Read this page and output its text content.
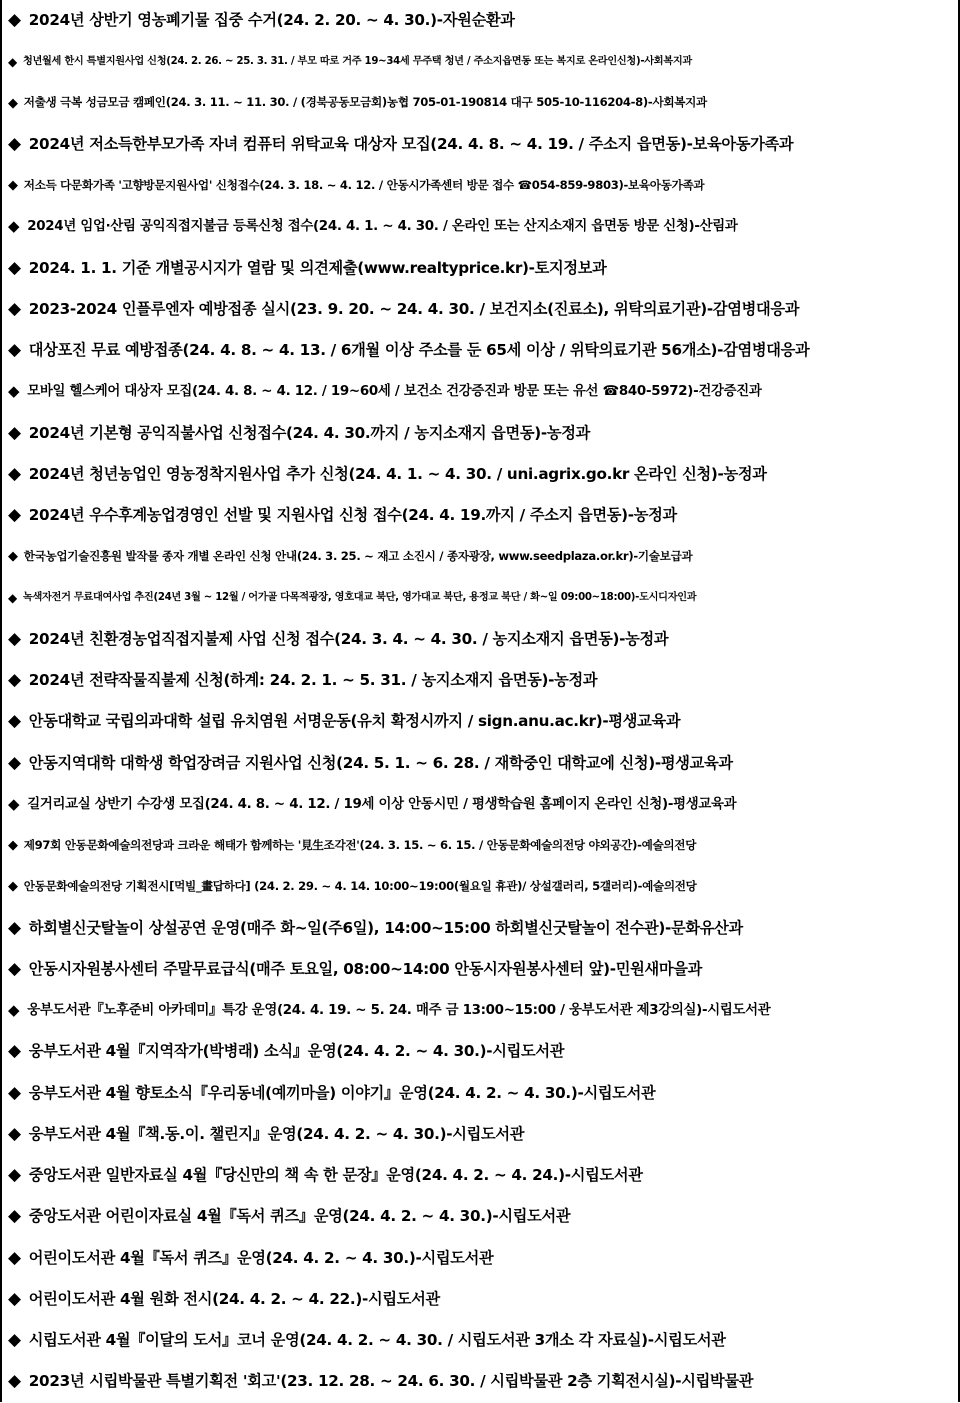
◆ 2024년 상반기 영농폐기물 집중 수거(24. 2. 20. ~ 4. 30.)-자원순환과
◆ 청년월세 한시 특별지원사업 신청(24. 2. 26. ~ 25. 3. 31. / 부모 따로 거주 19~34세 무주택 청년 / 주소지읍면동 또는 복지로 온라인신청)-사회복지과
◆ 저출생 극복 성금모금 캠페인(24. 3. 11. ~ 11. 30. / (경북공동모금회)농협 705-01-190814 대구 505-10-116204-8)-사회복지과
◆ 2024년 저소득한부모가족 자녀 컴퓨터 위탁교육 대상자 모집(24. 4. 8. ~ 4. 19. / 주소지 읍면동)-보육아동가족과
◆ 저소득 다문화가족 '고향방문지원사업' 신청접수(24. 3. 18. ~ 4. 12. / 안동시가족센터 방문 접수 ☎054-859-9803)-보육아동가족과
◆ 2024년 임업·산림 공익직접지불금 등록신청 접수(24. 4. 1. ~ 4. 30. / 온라인 또는 산지소재지 읍면동 방문 신청)-산림과
◆ 2024. 1. 1. 기준 개별공시지가 열람 및 의견제출(www.realtyprice.kr)-토지정보과
◆ 2023-2024 인플루엔자 예방접종 실시(23. 9. 20. ~ 24. 4. 30. / 보건지소(진료소), 위탁의료기관)-감염병대응과
◆ 대상포진 무료 예방접종(24. 4. 8. ~ 4. 13. / 6개월 이상 주소를 둔 65세 이상 / 위탁의료기관 56개소)-감염병대응과
◆ 모바일 헬스케어 대상자 모집(24. 4. 8. ~ 4. 12. / 19~60세 / 보건소 건강증진과 방문 또는 유선 ☎840-5972)-건강증진과
◆ 2024년 기본형 공익직불사업 신청접수(24. 4. 30.까지 / 농지소재지 읍면동)-농정과
◆ 2024년 청년농업인 영농정착지원사업 추가 신청(24. 4. 1. ~ 4. 30. / uni.agrix.go.kr 온라인 신청)-농정과
◆ 2024년 우수후계농업경영인 선발 및 지원사업 신청 접수(24. 4. 19.까지 / 주소지 읍면동)-농정과
◆ 한국농업기술진흥원 발작물 종자 개별 온라인 신청 안내(24. 3. 25. ~ 재고 소진시 / 종자광장, www.seedplaza.or.kr)-기술보급과
◆ 녹색자전거 무료대여사업 추진(24년 3월 ~ 12월 / 어가골 다목적광장, 영호대교 북단, 영가대교 북단, 용정교 북단 / 화~일 09:00~18:00)-도시디자인과
◆ 2024년 친환경농업직접지불제 사업 신청 접수(24. 3. 4. ~ 4. 30. / 농지소재지 읍면동)-농정과
◆ 2024년 전략작물직불제 신청(하계: 24. 2. 1. ~ 5. 31. / 농지소재지 읍면동)-농정과
◆ 안동대학교 국립의과대학 설립 유치염원 서명운동(유치 확정시까지 / sign.anu.ac.kr)-평생교육과
◆ 안동지역대학 대학생 학업장려금 지원사업 신청(24. 5. 1. ~ 6. 28. / 재학중인 대학교에 신청)-평생교육과
◆ 길거리교실 상반기 수강생 모집(24. 4. 8. ~ 4. 12. / 19세 이상 안동시민 / 평생학습원 홈페이지 온라인 신청)-평생교육과
◆ 제97회 안동문화예술의전당과 크라운 해태가 함께하는 '見生조각전'(24. 3. 15. ~ 6. 15. / 안동문화예술의전당 야외공간)-예술의전당
◆ 안동문화예술의전당 기획전시[먹빌_畫답하다] (24. 2. 29. ~ 4. 14. 10:00~19:00(월요일 휴관)/ 상설갤러리, 5갤러리)-예술의전당
◆ 하회별신굿탈놀이 상설공연 운영(매주 화~일(주6일), 14:00~15:00 하회별신굿탈놀이 전수관)-문화유산과
◆ 안동시자원봉사센터 주말무료급식(매주 토요일, 08:00~14:00 안동시자원봉사센터 앞)-민원새마을과
◆ 웅부도서관『노후준비 아카데미』특강 운영(24. 4. 19. ~ 5. 24. 매주 금 13:00~15:00 / 웅부도서관 제3강의실)-시립도서관
◆ 웅부도서관 4월『지역작가(박병래) 소식』운영(24. 4. 2. ~ 4. 30.)-시립도서관
◆ 웅부도서관 4월 향토소식『우리동네(예끼마을) 이야기』운영(24. 4. 2. ~ 4. 30.)-시립도서관
◆ 웅부도서관 4월『책.동.이. 챌린지』운영(24. 4. 2. ~ 4. 30.)-시립도서관
◆ 중앙도서관 일반자료실 4월『당신만의 책 속 한 문장』운영(24. 4. 2. ~ 4. 24.)-시립도서관
◆ 중앙도서관 어린이자료실 4월『독서 퀴즈』운영(24. 4. 2. ~ 4. 30.)-시립도서관
◆ 어린이도서관 4월『독서 퀴즈』운영(24. 4. 2. ~ 4. 30.)-시립도서관
◆ 어린이도서관 4월 원화 전시(24. 4. 2. ~ 4. 22.)-시립도서관
◆ 시립도서관 4월『이달의 도서』코너 운영(24. 4. 2. ~ 4. 30. / 시립도서관 3개소 각 자료실)-시립도서관
◆ 2023년 시립박물관 특별기획전 '회고'(23. 12. 28. ~ 24. 6. 30. / 시립박물관 2층 기획전시실)-시립박물관
